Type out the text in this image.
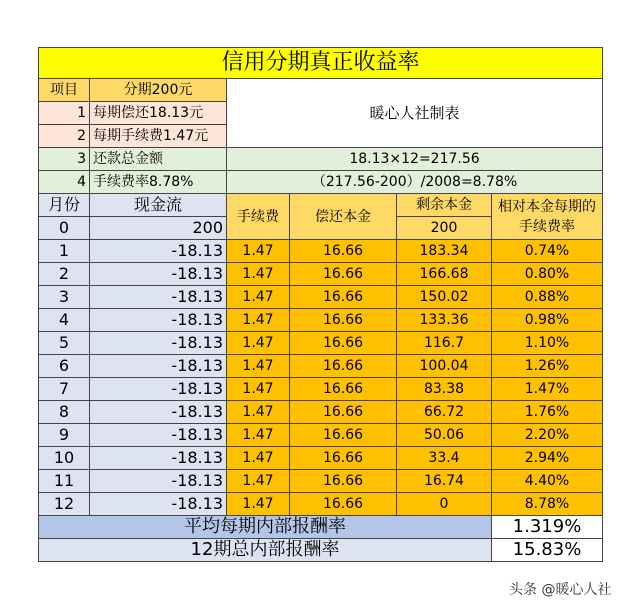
信用分期真正收益率					
项目	分期200元	暖心人社制表			
1	每期偿还18.13元				
2	每期手续费1.47元				
3	还款总金额	18.13×12=217.56			
4	手续费率8.78%	（217.56-200）/2008=8.78%			
月份	现金流	手续费	偿还本金	剩余本金	相对本金每期的手续费率
0	200			200	
1	-18.13	1.47	16.66	183.34	0.74%
2	-18.13	1.47	16.66	166.68	0.80%
3	-18.13	1.47	16.66	150.02	0.88%
4	-18.13	1.47	16.66	133.36	0.98%
5	-18.13	1.47	16.66	116.7	1.10%
6	-18.13	1.47	16.66	100.04	1.26%
7	-18.13	1.47	16.66	83.38	1.47%
8	-18.13	1.47	16.66	66.72	1.76%
9	-18.13	1.47	16.66	50.06	2.20%
10	-18.13	1.47	16.66	33.4	2.94%
11	-18.13	1.47	16.66	16.74	4.40%
12	-18.13	1.47	16.66	0	8.78%
平均每期内部报酬率					1.319%
12期总内部报酬率					15.83%
头条 @暖心人社
